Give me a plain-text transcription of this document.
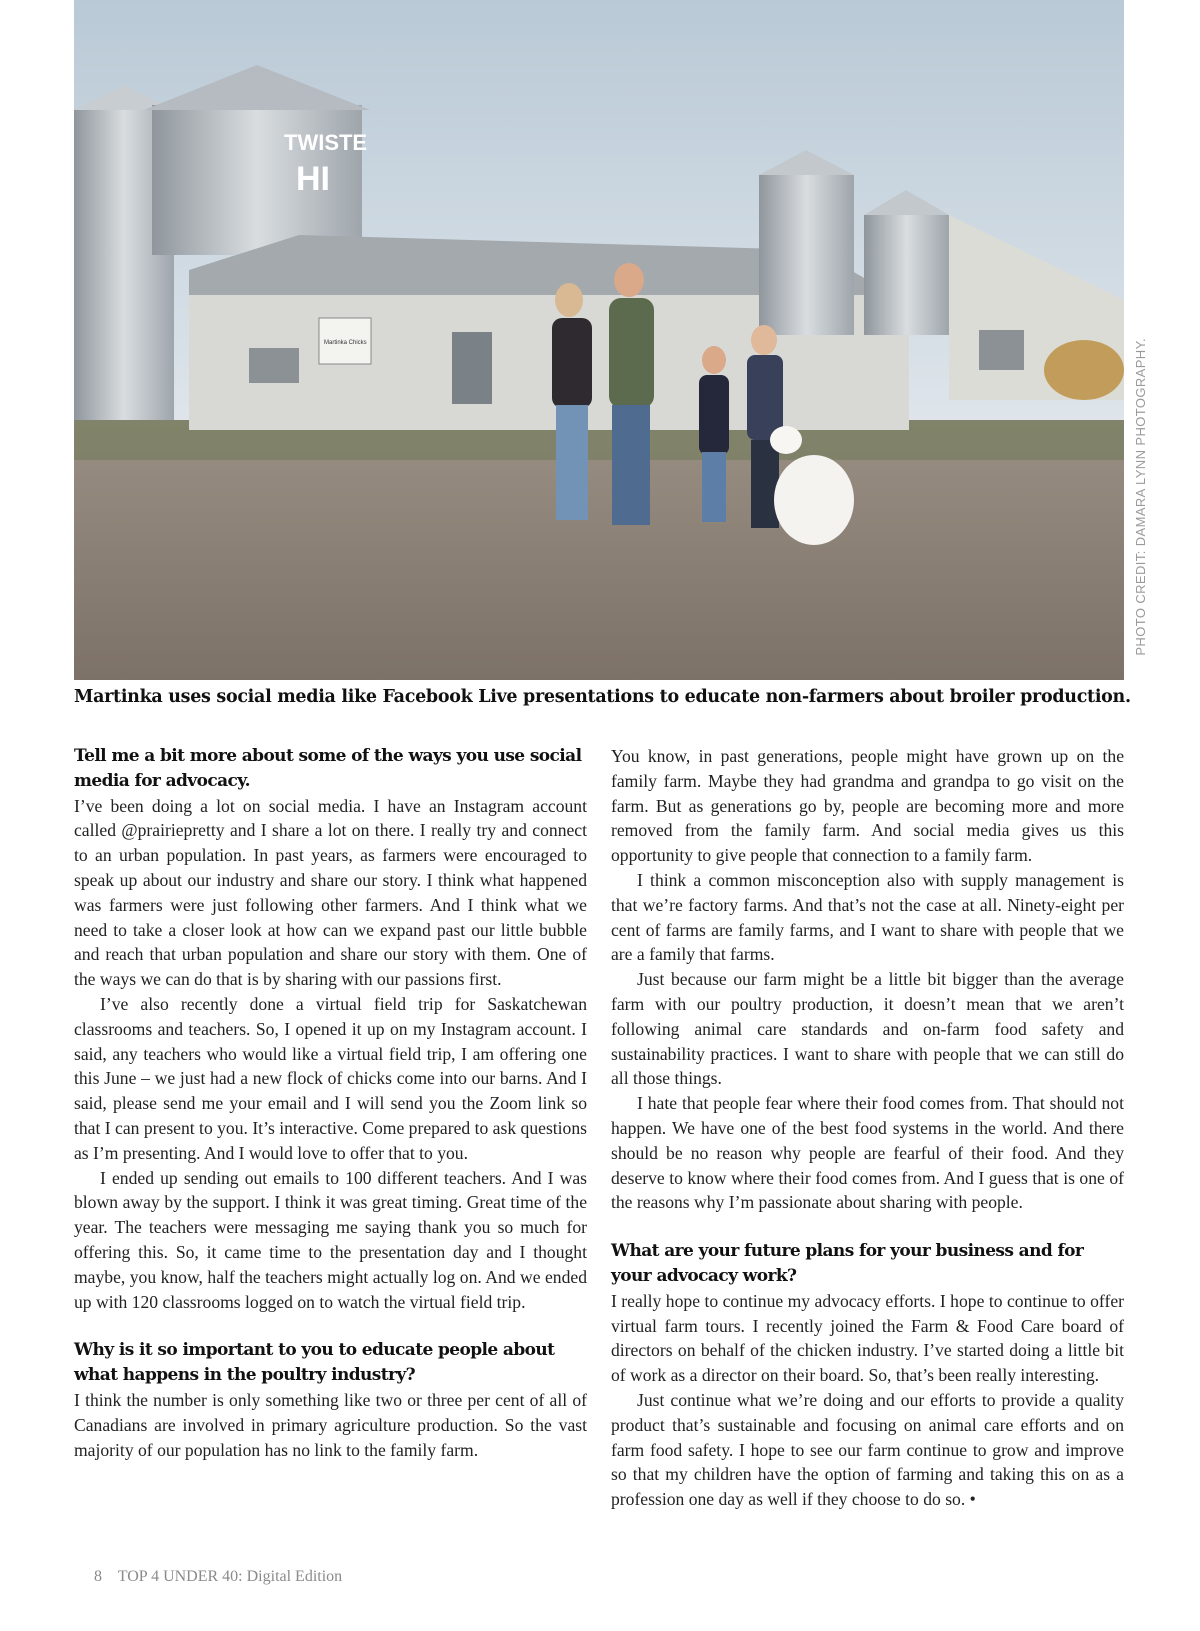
TWISTE
HI
Martinka Chicks	PHOTO CREDIT: DAMARA LYNN PHOTOGRAPHY.
Martinka uses social media like Facebook Live presentations to educate non-farmers about broiler production.
Tell me a bit more about some of the ways you use social media for advocacy.

I’ve been doing a lot on social media. I have an Instagram account called @prairiepretty and I share a lot on there. I really try and connect to an urban population. In past years, as farmers were encouraged to speak up about our industry and share our story. I think what happened was farmers were just following other farmers. And I think what we need to take a closer look at how can we expand past our little bubble and reach that urban population and share our story with them. One of the ways we can do that is by sharing with our passions first.

I’ve also recently done a virtual field trip for Saskatchewan classrooms and teachers. So, I opened it up on my Instagram account. I said, any teachers who would like a virtual field trip, I am offering one this June – we just had a new flock of chicks come into our barns. And I said, please send me your email and I will send you the Zoom link so that I can present to you. It’s interactive. Come prepared to ask questions as I’m presenting. And I would love to offer that to you.

I ended up sending out emails to 100 different teachers. And I was blown away by the support. I think it was great timing. Great time of the year. The teachers were messaging me saying thank you so much for offering this. So, it came time to the presentation day and I thought maybe, you know, half the teachers might actually log on. And we ended up with 120 classrooms logged on to watch the virtual field trip.

Why is it so important to you to educate people about what happens in the poultry industry?

I think the number is only something like two or three per cent of all of Canadians are involved in primary agriculture production. So the vast majority of our population has no link to the family farm.

You know, in past generations, people might have grown up on the family farm. Maybe they had grandma and grandpa to go visit on the farm. But as generations go by, people are becoming more and more removed from the family farm. And social media gives us this opportunity to give people that connection to a family farm.

I think a common misconception also with supply management is that we’re factory farms. And that’s not the case at all. Ninety-eight per cent of farms are family farms, and I want to share with people that we are a family that farms.

Just because our farm might be a little bit bigger than the average farm with our poultry production, it doesn’t mean that we aren’t following animal care standards and on-farm food safety and sustainability practices. I want to share with people that we can still do all those things.

I hate that people fear where their food comes from. That should not happen. We have one of the best food systems in the world. And there should be no reason why people are fearful of their food. And they deserve to know where their food comes from. And I guess that is one of the reasons why I’m passionate about sharing with people.

What are your future plans for your business and for your advocacy work?

I really hope to continue my advocacy efforts. I hope to continue to offer virtual farm tours. I recently joined the Farm & Food Care board of directors on behalf of the chicken industry. I’ve started doing a little bit of work as a director on their board. So, that’s been really interesting.

Just continue what we’re doing and our efforts to provide a quality product that’s sustainable and focusing on animal care efforts and on farm food safety. I hope to see our farm continue to grow and improve so that my children have the option of farming and taking this on as a profession one day as well if they choose to do so. •

8 TOP 4 UNDER 40: Digital Edition
